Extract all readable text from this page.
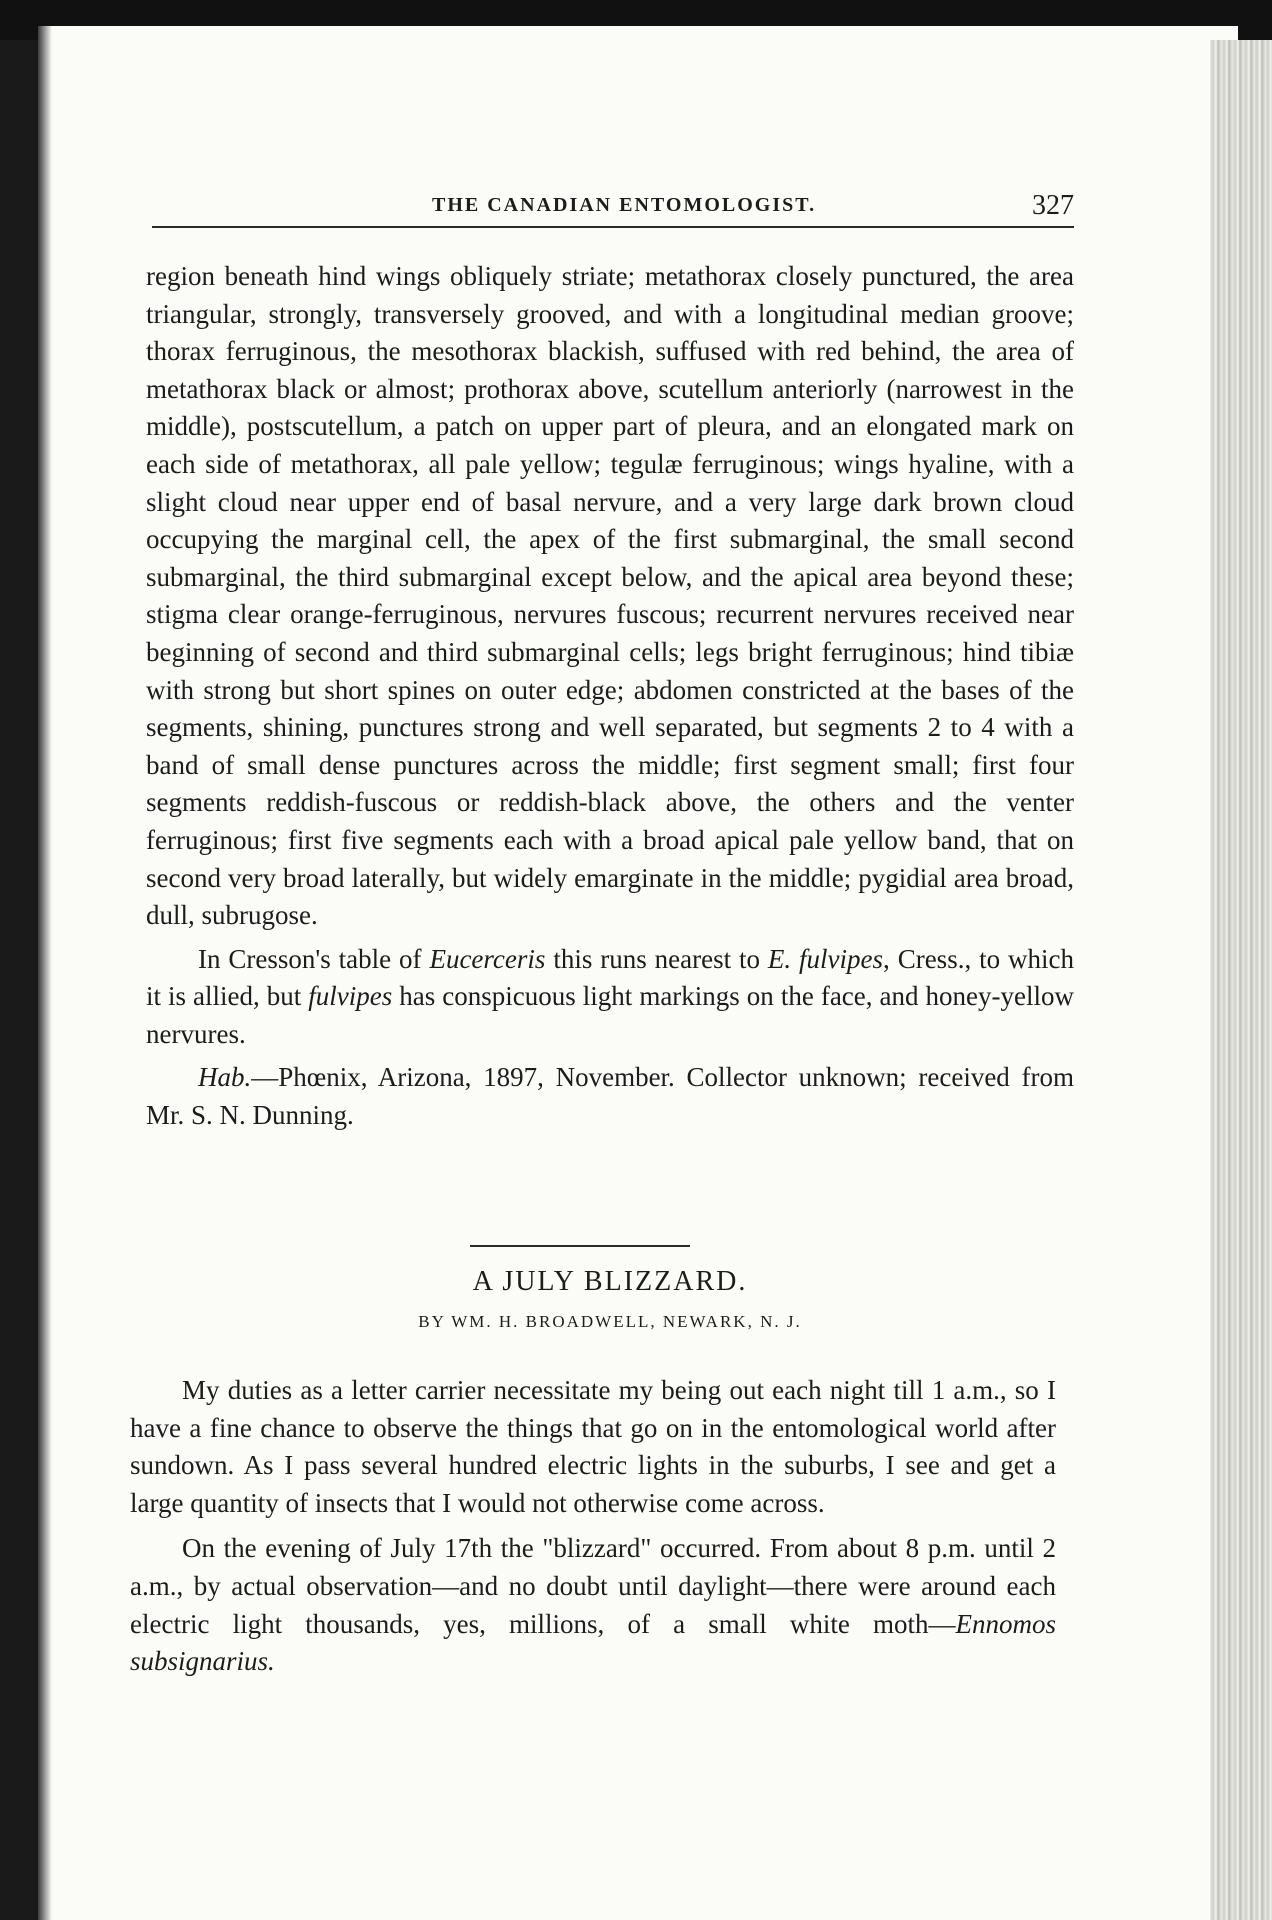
THE CANADIAN ENTOMOLOGIST.	327

region beneath hind wings obliquely striate; metathorax closely punctured, the area triangular, strongly, transversely grooved, and with a longitudinal median groove; thorax ferruginous, the mesothorax blackish, suffused with red behind, the area of metathorax black or almost; prothorax above, scutellum anteriorly (narrowest in the middle), postscutellum, a patch on upper part of pleura, and an elongated mark on each side of metathorax, all pale yellow; tegulæ ferruginous; wings hyaline, with a slight cloud near upper end of basal nervure, and a very large dark brown cloud occupying the marginal cell, the apex of the first submarginal, the small second submarginal, the third submarginal except below, and the apical area beyond these; stigma clear orange-ferruginous, nervures fuscous; recurrent nervures received near beginning of second and third submarginal cells; legs bright ferruginous; hind tibiæ with strong but short spines on outer edge; abdomen constricted at the bases of the segments, shining, punctures strong and well separated, but segments 2 to 4 with a band of small dense punctures across the middle; first segment small; first four segments reddish-fuscous or reddish-black above, the others and the venter ferruginous; first five segments each with a broad apical pale yellow band, that on second very broad laterally, but widely emarginate in the middle; pygidial area broad, dull, subrugose.

In Cresson's table of Eucerceris this runs nearest to E. fulvipes, Cress., to which it is allied, but fulvipes has conspicuous light markings on the face, and honey-yellow nervures.

Hab.—Phœnix, Arizona, 1897, November. Collector unknown; received from Mr. S. N. Dunning.

A JULY BLIZZARD.
BY WM. H. BROADWELL, NEWARK, N. J.

My duties as a letter carrier necessitate my being out each night till 1 a.m., so I have a fine chance to observe the things that go on in the entomological world after sundown. As I pass several hundred electric lights in the suburbs, I see and get a large quantity of insects that I would not otherwise come across.

On the evening of July 17th the "blizzard" occurred. From about 8 p.m. until 2 a.m., by actual observation—and no doubt until daylight—there were around each electric light thousands, yes, millions, of a small white moth—Ennomos subsignarius.
